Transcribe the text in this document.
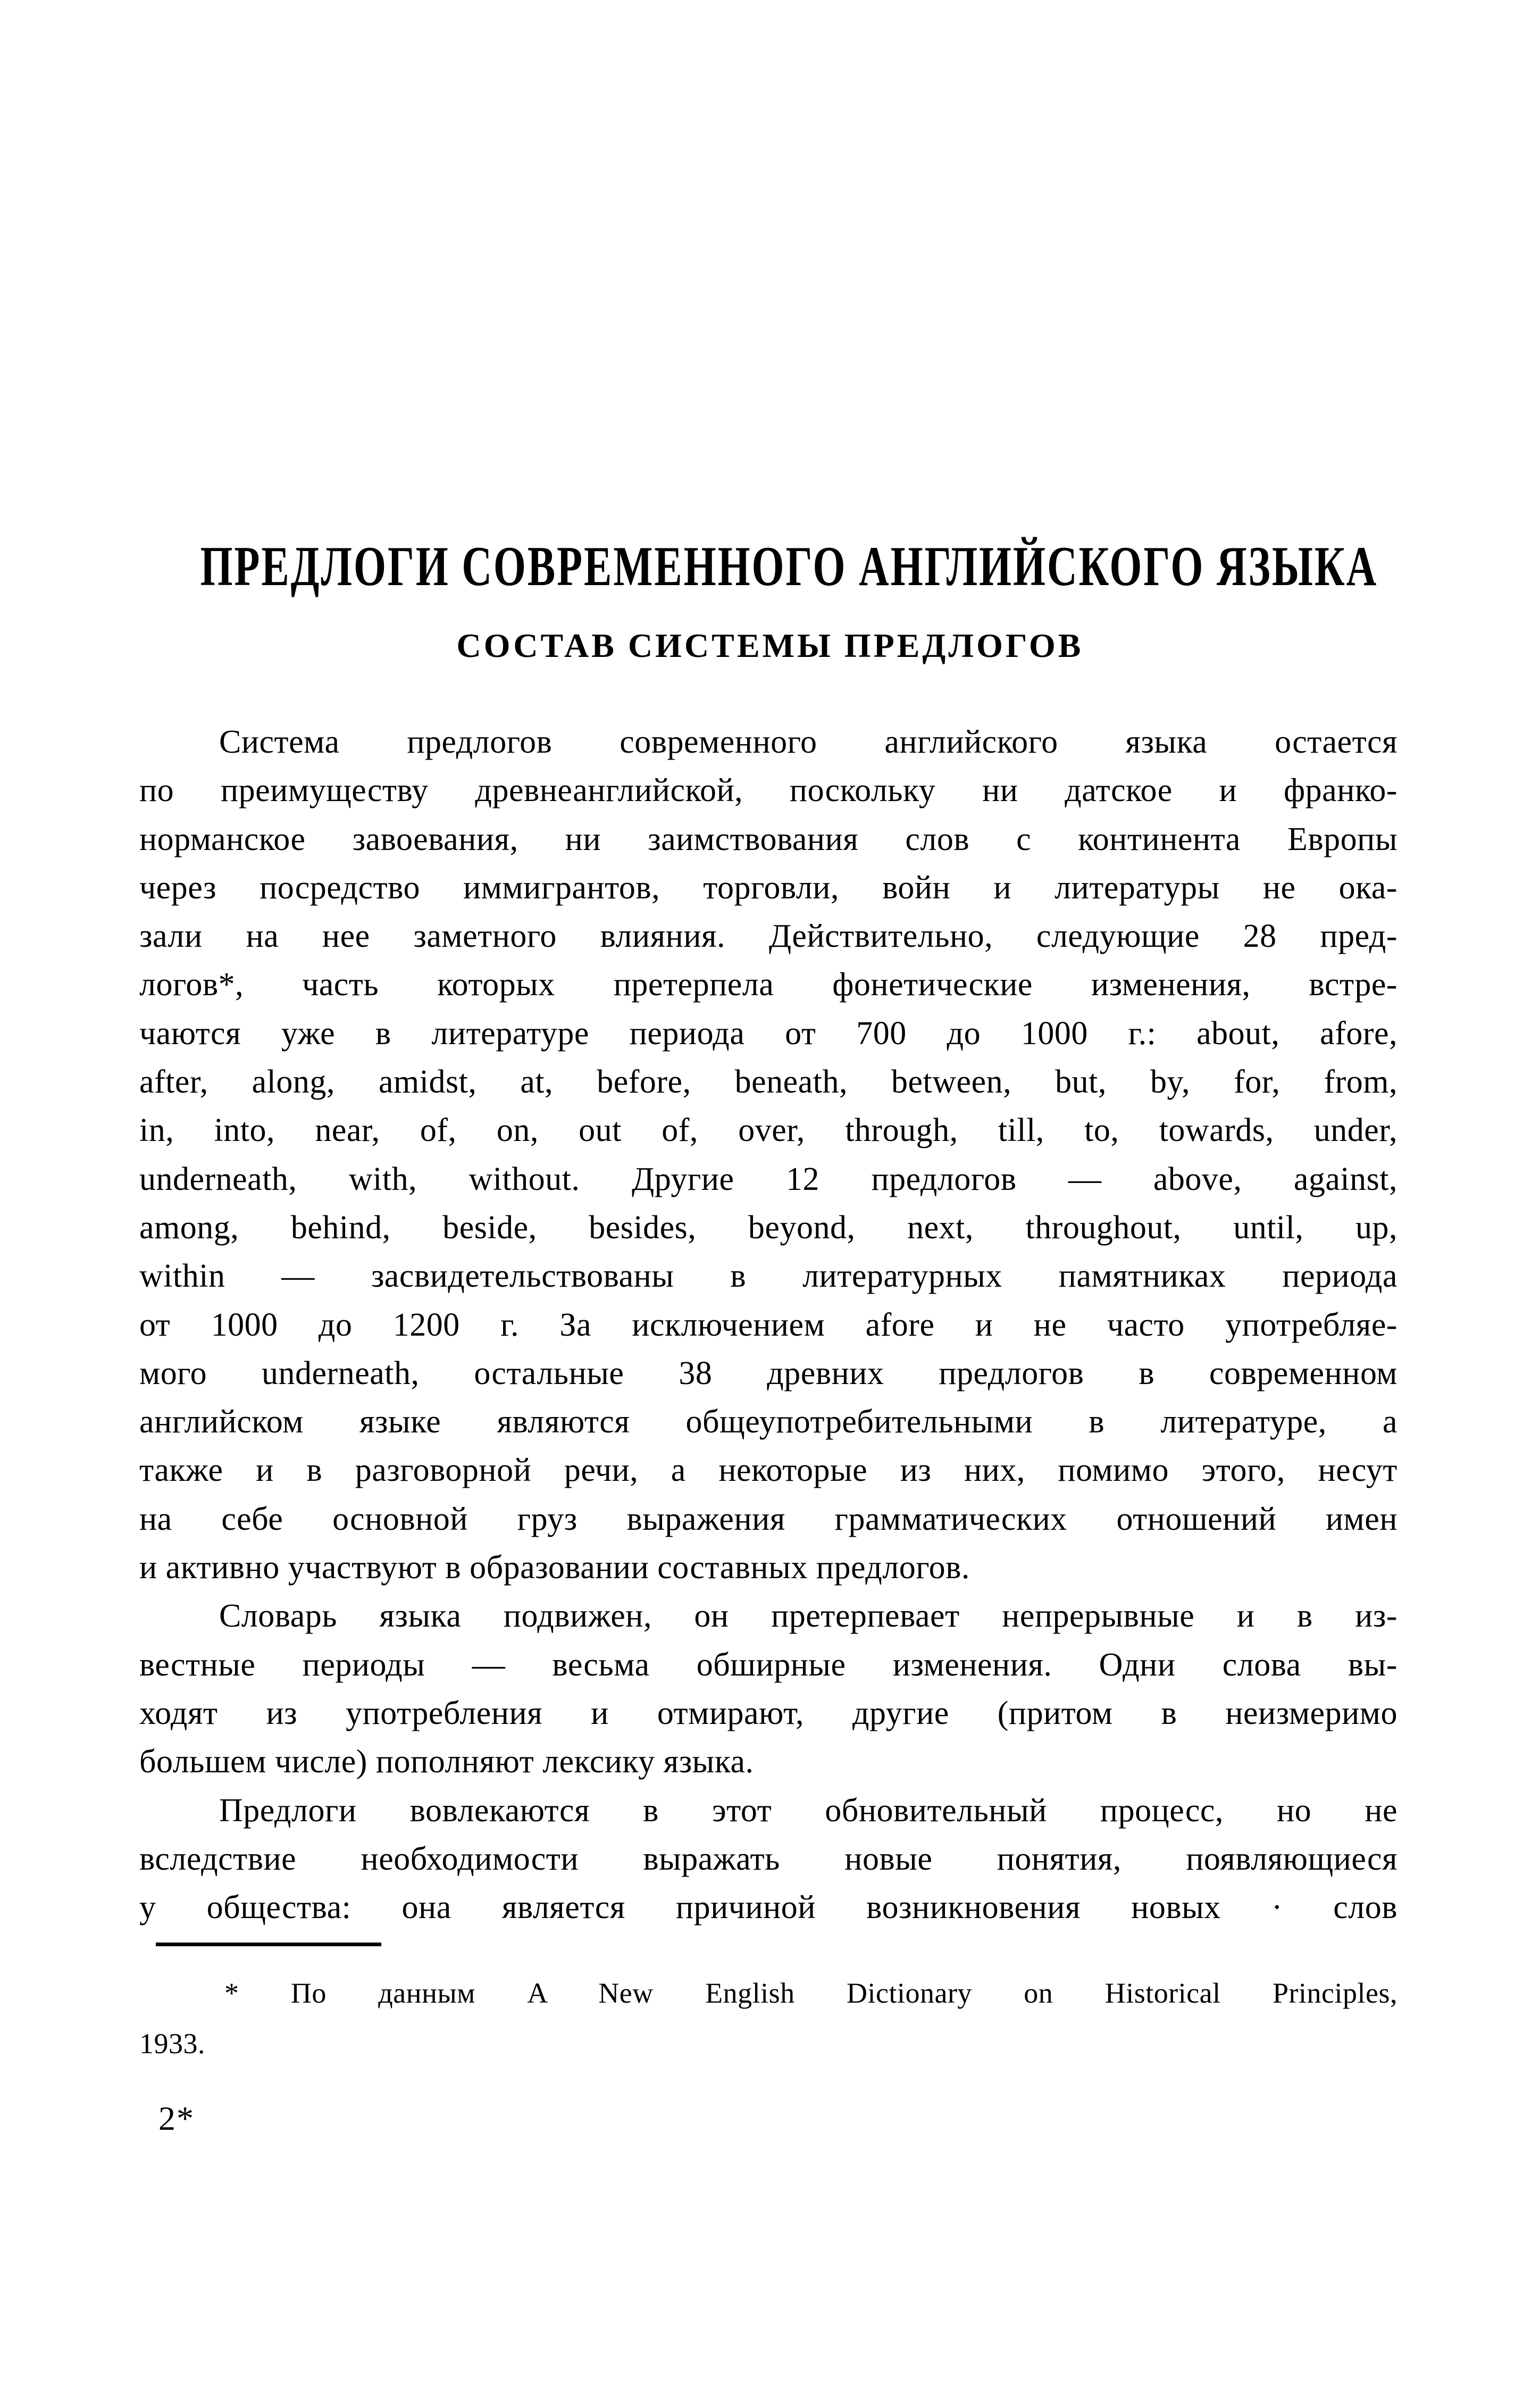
ПРЕДЛОГИ СОВРЕМЕННОГО АНГЛИЙСКОГО ЯЗЫКА
СОСТАВ СИСТЕМЫ ПРЕДЛОГОВ
Система предлогов современного английского языка остается
по преимуществу древнеанглийской, поскольку ни датское и франко-
норманское завоевания, ни заимствования слов с континента Европы
через посредство иммигрантов, торговли, войн и литературы не ока-
зали на нее заметного влияния. Действительно, следующие 28 пред-
логов*, часть которых претерпела фонетические изменения, встре-
чаются уже в литературе периода от 700 до 1000 г.: about, afore,
after, along, amidst, at, before, beneath, between, but, by, for, from,
in, into, near, of, on, out of, over, through, till, to, towards, under,
underneath, with, without. Другие 12 предлогов — above, against,
among, behind, beside, besides, beyond, next, throughout, until, up,
within — засвидетельствованы в литературных памятниках периода
от 1000 до 1200 г. За исключением afore и не часто употребляе-
мого underneath, остальные 38 древних предлогов в современном
английском языке являются общеупотребительными в литературе, а
также и в разговорной речи, а некоторые из них, помимо этого, несут
на себе основной груз выражения грамматических отношений имен
и активно участвуют в образовании составных предлогов.
Словарь языка подвижен, он претерпевает непрерывные и в из-
вестные периоды — весьма обширные изменения. Одни слова вы-
ходят из употребления и отмирают, другие (притом в неизмеримо
большем числе) пополняют лексику языка.
Предлоги вовлекаются в этот обновительный процесс, но не
вследствие необходимости выражать новые понятия, появляющиеся
у общества: она является причиной возникновения новых · слов
* По данным A New English Dictionary on Historical Principles,
1933.
2*
